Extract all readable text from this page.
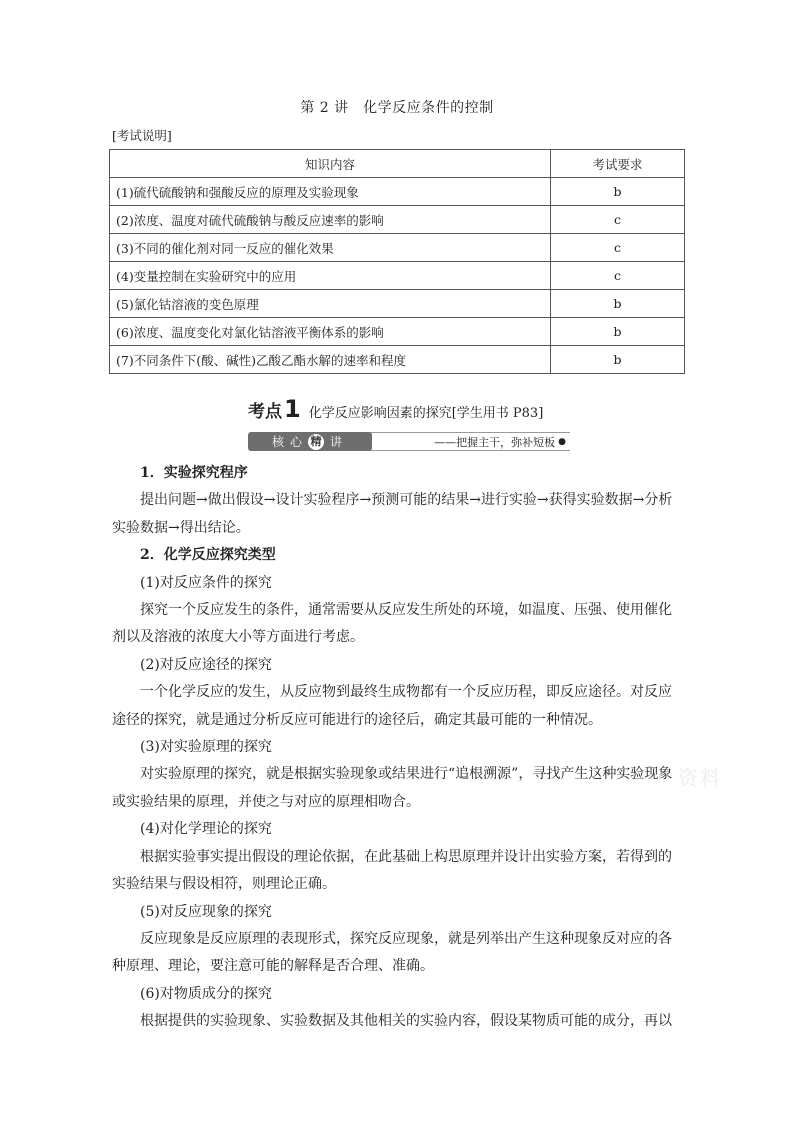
第 2 讲　化学反应条件的控制
[考试说明]
知识内容	考试要求
(1)硫代硫酸钠和强酸反应的原理及实验现象	b
(2)浓度、温度对硫代硫酸钠与酸反应速率的影响	c
(3)不同的催化剂对同一反应的催化效果	c
(4)变量控制在实验研究中的应用	c
(5)氯化钴溶液的变色原理	b
(6)浓度、温度变化对氯化钴溶液平衡体系的影响	b
(7)不同条件下(酸、碱性)乙酸乙酯水解的速率和程度	b
考点 1 化学反应影响因素的探究[学生用书 P83]
核心 精 讲	——把握主干，弥补短板 ●

1．实验探究程序

提出问题→做出假设→设计实验程序→预测可能的结果→进行实验→获得实验数据→分析实验数据→得出结论。

2．化学反应探究类型

(1)对反应条件的探究

探究一个反应发生的条件，通常需要从反应发生所处的环境，如温度、压强、使用催化剂以及溶液的浓度大小等方面进行考虑。

(2)对反应途径的探究

一个化学反应的发生，从反应物到最终生成物都有一个反应历程，即反应途径。对反应途径的探究，就是通过分析反应可能进行的途径后，确定其最可能的一种情况。

(3)对实验原理的探究

对实验原理的探究，就是根据实验现象或结果进行“追根溯源”，寻找产生这种实验现象或实验结果的原理，并使之与对应的原理相吻合。

(4)对化学理论的探究

根据实验事实提出假设的理论依据，在此基础上构思原理并设计出实验方案，若得到的实验结果与假设相符，则理论正确。

(5)对反应现象的探究

反应现象是反应原理的表现形式，探究反应现象，就是列举出产生这种现象反对应的各种原理、理论，要注意可能的解释是否合理、准确。

(6)对物质成分的探究

根据提供的实验现象、实验数据及其他相关的实验内容，假设某物质可能的成分，再以

资料
